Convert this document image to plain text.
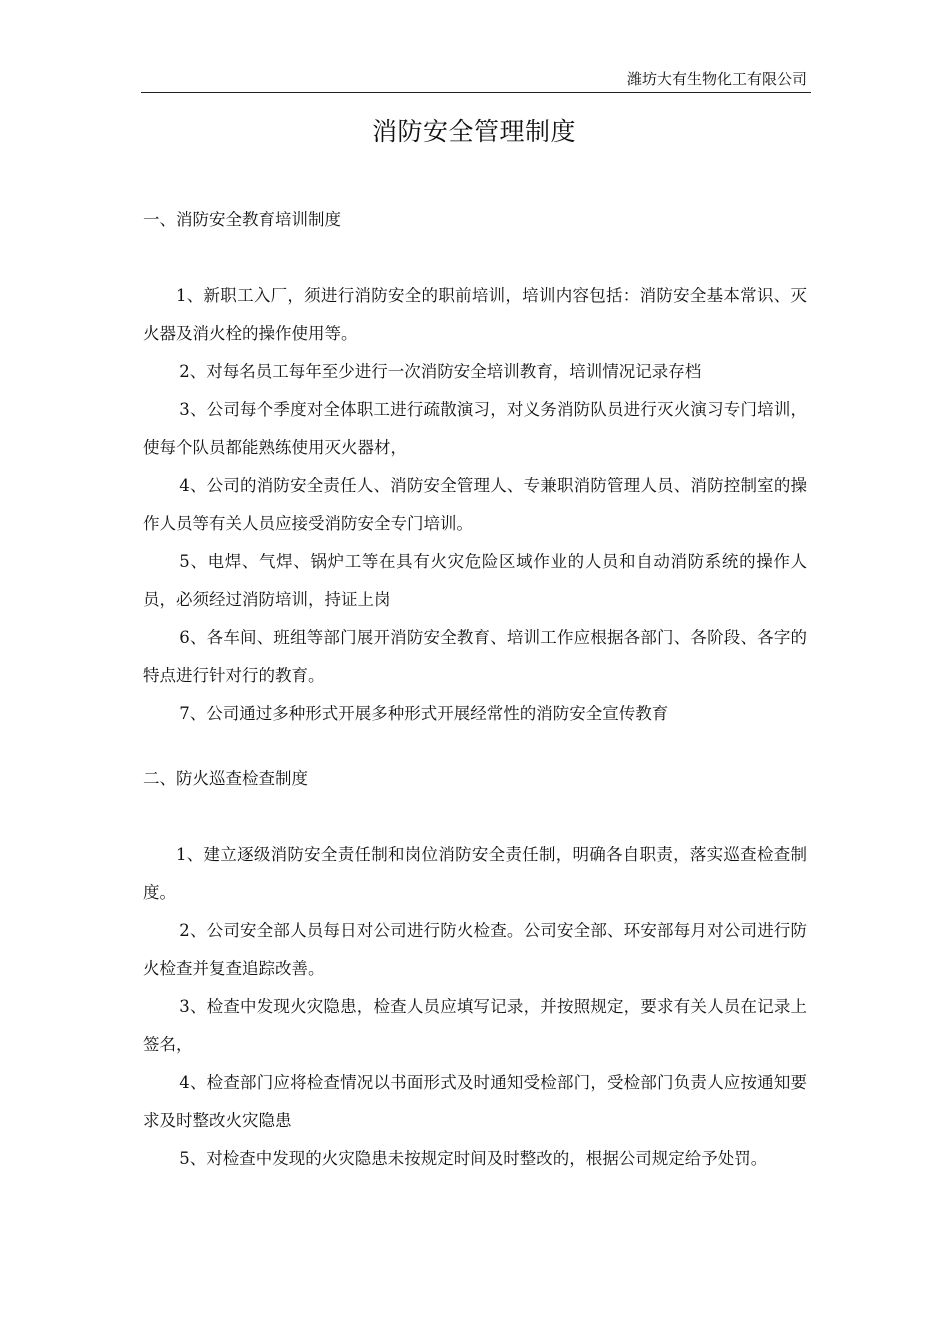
潍坊大有生物化工有限公司
消防安全管理制度
一、消防安全教育培训制度

1、新职工入厂，须进行消防安全的职前培训，培训内容包括：消防安全基本常识、灭火器及消火栓的操作使用等。

2、对每名员工每年至少进行一次消防安全培训教育，培训情况记录存档

3、公司每个季度对全体职工进行疏散演习，对义务消防队员进行灭火演习专门培训，使每个队员都能熟练使用灭火器材，

4、公司的消防安全责任人、消防安全管理人、专兼职消防管理人员、消防控制室的操作人员等有关人员应接受消防安全专门培训。

5、电焊、气焊、锅炉工等在具有火灾危险区域作业的人员和自动消防系统的操作人员，必须经过消防培训，持证上岗

6、各车间、班组等部门展开消防安全教育、培训工作应根据各部门、各阶段、各字的特点进行针对行的教育。

7、公司通过多种形式开展多种形式开展经常性的消防安全宣传教育

二、防火巡查检查制度

1、建立逐级消防安全责任制和岗位消防安全责任制，明确各自职责，落实巡查检查制度。

2、公司安全部人员每日对公司进行防火检查。公司安全部、环安部每月对公司进行防火检查并复查追踪改善。

3、检查中发现火灾隐患，检查人员应填写记录，并按照规定，要求有关人员在记录上签名，

4、检查部门应将检查情况以书面形式及时通知受检部门，受检部门负责人应按通知要求及时整改火灾隐患

5、对检查中发现的火灾隐患未按规定时间及时整改的，根据公司规定给予处罚。
